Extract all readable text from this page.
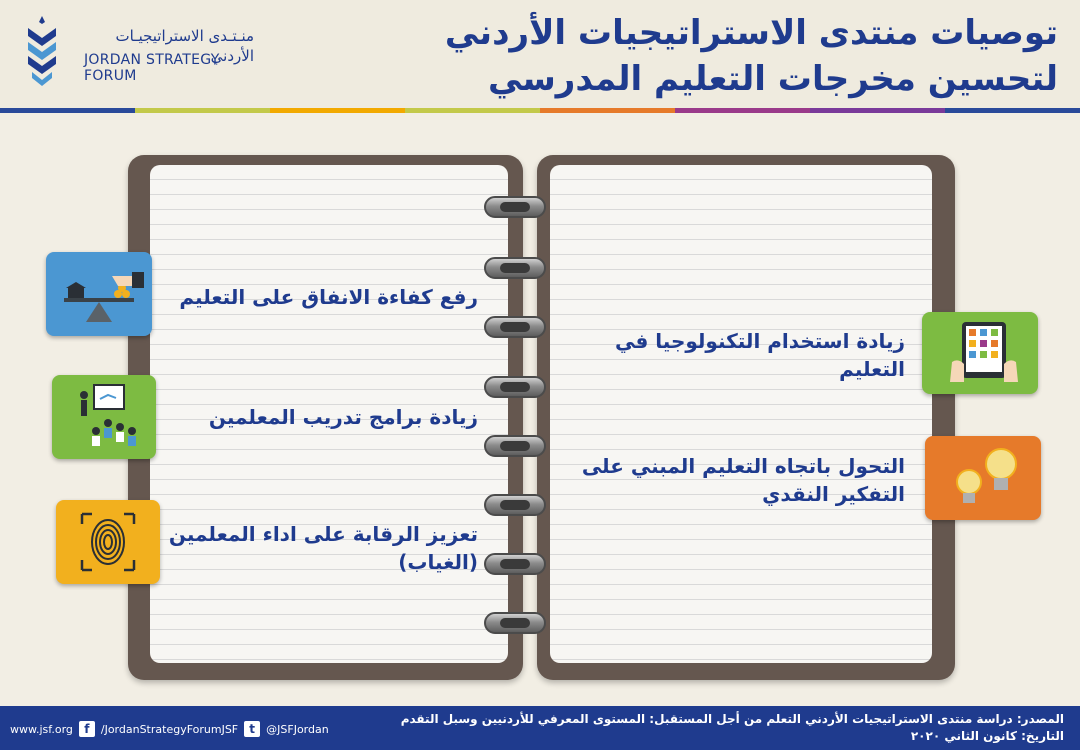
منـتـدى الاستراتيجيـات الأردني
JORDAN STRATEGY FORUM
توصيات منتدى الاستراتيجيات الأردني
لتحسين مخرجات التعليم المدرسي
رفع كفاءة الانفاق على التعليم
زيادة برامج تدريب المعلمين
تعزيز الرقابة على اداء المعلمين
(الغياب)
زيادة استخدام التكنولوجيا في
التعليم
التحول باتجاه التعليم المبني على
التفكير النقدي
المصدر: دراسة منتدى الاستراتيجيات الأردني التعلم من أجل المستقبل: المستوى المعرفي للأردنيين وسبل التقدم
التاريخ: كانون الثاني ٢٠٢٠
www.jsf.org f	/JordanStrategyForumJSF t	@JSFJordan
